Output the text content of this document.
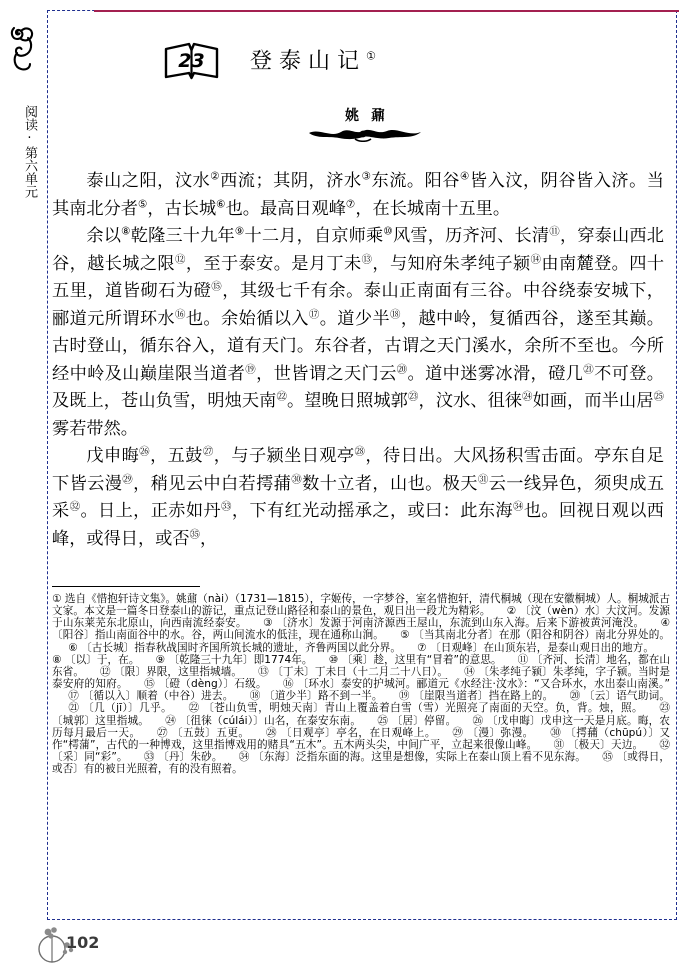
阅读·第六单元
23 登泰山记①
姚鼐

泰山之阳，汶水②西流；其阴，济水③东流。阳谷④皆入汶，阴谷皆入济。当其南北分者⑤，古长城⑥也。最高日观峰⑦，在长城南十五里。

余以⑧乾隆三十九年⑨十二月，自京师乘⑩风雪，历齐河、长清⑪，穿泰山西北谷，越长城之限⑫，至于泰安。是月丁未⑬，与知府朱孝纯子颍⑭由南麓登。四十五里，道皆砌石为磴⑮，其级七千有余。泰山正南面有三谷。中谷绕泰安城下，郦道元所谓环水⑯也。余始循以入⑰。道少半⑱，越中岭，复循西谷，遂至其巅。古时登山，循东谷入，道有天门。东谷者，古谓之天门溪水，余所不至也。今所经中岭及山巅崖限当道者⑲，世皆谓之天门云⑳。道中迷雾冰滑，磴几$^㉑$不可登。及既上，苍山负雪，明烛天南$^㉒$。望晚日照城郭$^㉓$，汶水、徂徕$^㉔$如画，而半山居$^㉕$雾若带然。

戊申晦$^㉖$，五鼓$^㉗$，与子颍坐日观亭$^㉘$，待日出。大风扬积雪击面。亭东自足下皆云漫$^㉙$，稍见云中白若摴蒱$^㉚$数十立者，山也。极天$^㉛$云一线异色，须臾成五采$^㉜$。日上，正赤如丹$^㉝$，下有红光动摇承之，或曰：此东海$^㉞$也。回视日观以西峰，或得日，或否$^㉟$，

① 选自《惜抱轩诗文集》。姚鼐（nài）（1731—1815），字姬传，一字梦谷，室名惜抱轩，清代桐城（现在安徽桐城）人。桐城派古文家。本文是一篇冬日登泰山的游记，重点记登山路径和泰山的景色，观日出一段尤为精彩。 ② 〔汶（wèn）水〕大汶河。发源于山东莱芜东北原山，向西南流经泰安。 ③ 〔济水〕发源于河南济源西王屋山，东流到山东入海。后来下游被黄河淹没。 ④ 〔阳谷〕指山南面谷中的水。谷，两山间流水的低洼，现在通称山涧。 ⑤ 〔当其南北分者〕在那（阳谷和阴谷）南北分界处的。⑥ 〔古长城〕指春秋战国时齐国所筑长城的遗址，齐鲁两国以此分界。 ⑦ 〔日观峰〕在山顶东岩，是泰山观日出的地方。⑧ 〔以〕于，在。 ⑨ 〔乾隆三十九年〕即1774年。 ⑩ 〔乘〕趁，这里有“冒着”的意思。 ⑪ 〔齐河、长清〕地名，都在山东省。 ⑫ 〔限〕界限，这里指城墙。 ⑬ 〔丁未〕丁未日（十二月二十八日）。 ⑭ 〔朱孝纯子颍〕朱孝纯，字子颍。当时是泰安府的知府。 ⑮ 〔磴（dèng）〕石级。 ⑯ 〔环水〕泰安的护城河。郦道元《水经注·汶水》：“又合环水，水出泰山南溪。”⑰ 〔循以入〕顺着（中谷）进去。 ⑱ 〔道少半〕路不到一半。 ⑲ 〔崖限当道者〕挡在路上的。 ⑳ 〔云〕语气助词。㉑ 〔几（jī）〕几乎。 ㉒ 〔苍山负雪，明烛天南〕青山上覆盖着白雪（雪）光照亮了南面的天空。负，背。烛，照。 ㉓ 〔城郭〕这里指城。 ㉔ 〔徂徕（cúlái）〕山名，在泰安东南。 ㉕ 〔居〕停留。 ㉖ 〔戊申晦〕戊申这一天是月底。晦，农历每月最后一天。 ㉗ 〔五鼓〕五更。 ㉘ 〔日观亭〕亭名，在日观峰上。 ㉙ 〔漫〕弥漫。 ㉚ 〔摴蒱（chūpú）〕又作“樗蒲”，古代的一种博戏，这里指博戏用的赌具“五木”。五木两头尖，中间广平，立起来很像山峰。 ㉛ 〔极天〕天边。 ㉜ 〔采〕同“彩”。 ㉝ 〔丹〕朱砂。 ㉞ 〔东海〕泛指东面的海。这里是想像，实际上在泰山顶上看不见东海。 ㉟ 〔或得日，或否〕有的被日光照着，有的没有照着。
102
